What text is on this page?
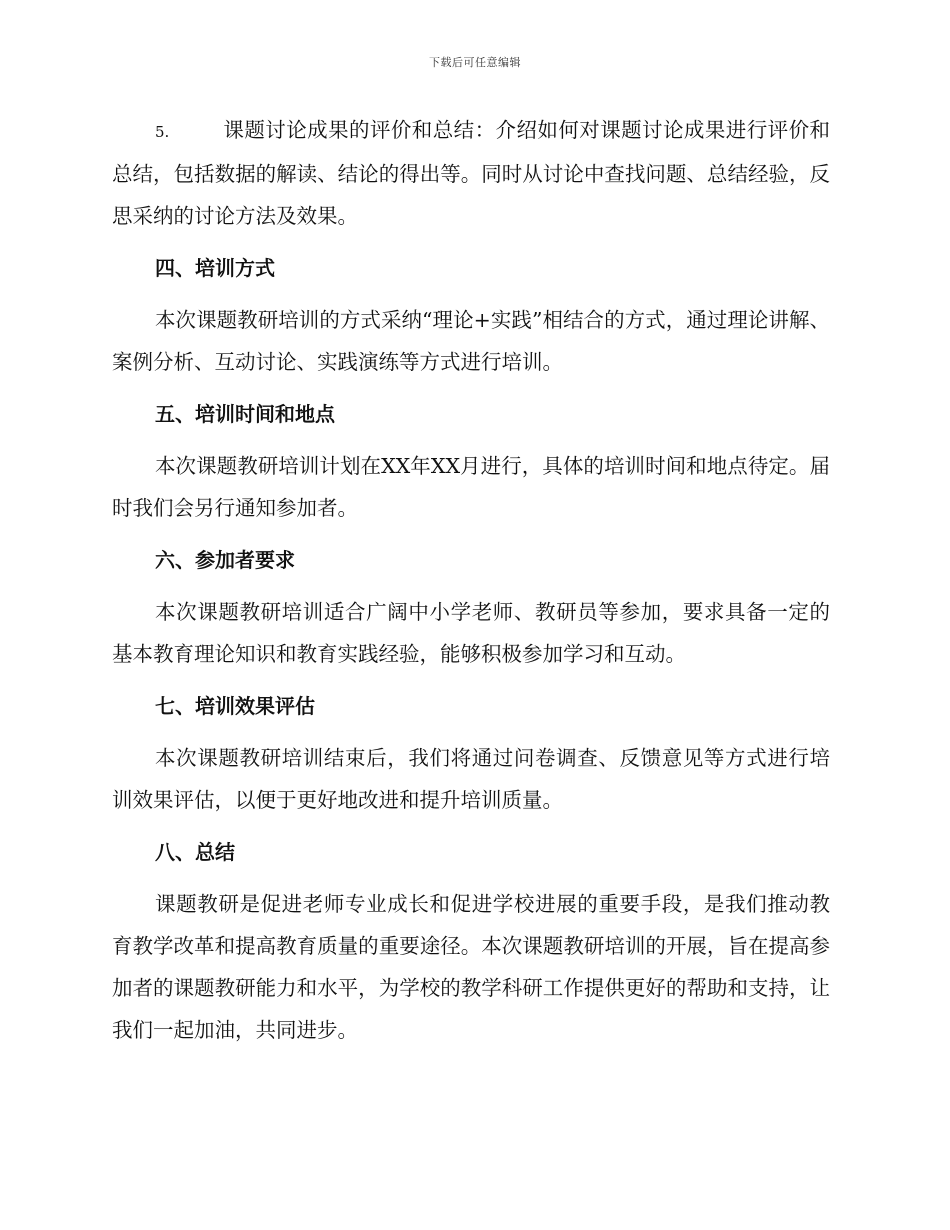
下载后可任意编辑

5.	课题讨论成果的评价和总结：介绍如何对课题讨论成果进行评价和总结，包括数据的解读、结论的得出等。同时从讨论中查找问题、总结经验，反思采纳的讨论方法及效果。

四、培训方式

本次课题教研培训的方式采纳“理论+实践”相结合的方式，通过理论讲解、案例分析、互动讨论、实践演练等方式进行培训。

五、培训时间和地点

本次课题教研培训计划在XX年XX月进行，具体的培训时间和地点待定。届时我们会另行通知参加者。

六、参加者要求

本次课题教研培训适合广阔中小学老师、教研员等参加，要求具备一定的基本教育理论知识和教育实践经验，能够积极参加学习和互动。

七、培训效果评估

本次课题教研培训结束后，我们将通过问卷调查、反馈意见等方式进行培训效果评估，以便于更好地改进和提升培训质量。

八、总结

课题教研是促进老师专业成长和促进学校进展的重要手段，是我们推动教育教学改革和提高教育质量的重要途径。本次课题教研培训的开展，旨在提高参加者的课题教研能力和水平，为学校的教学科研工作提供更好的帮助和支持，让我们一起加油，共同进步。
